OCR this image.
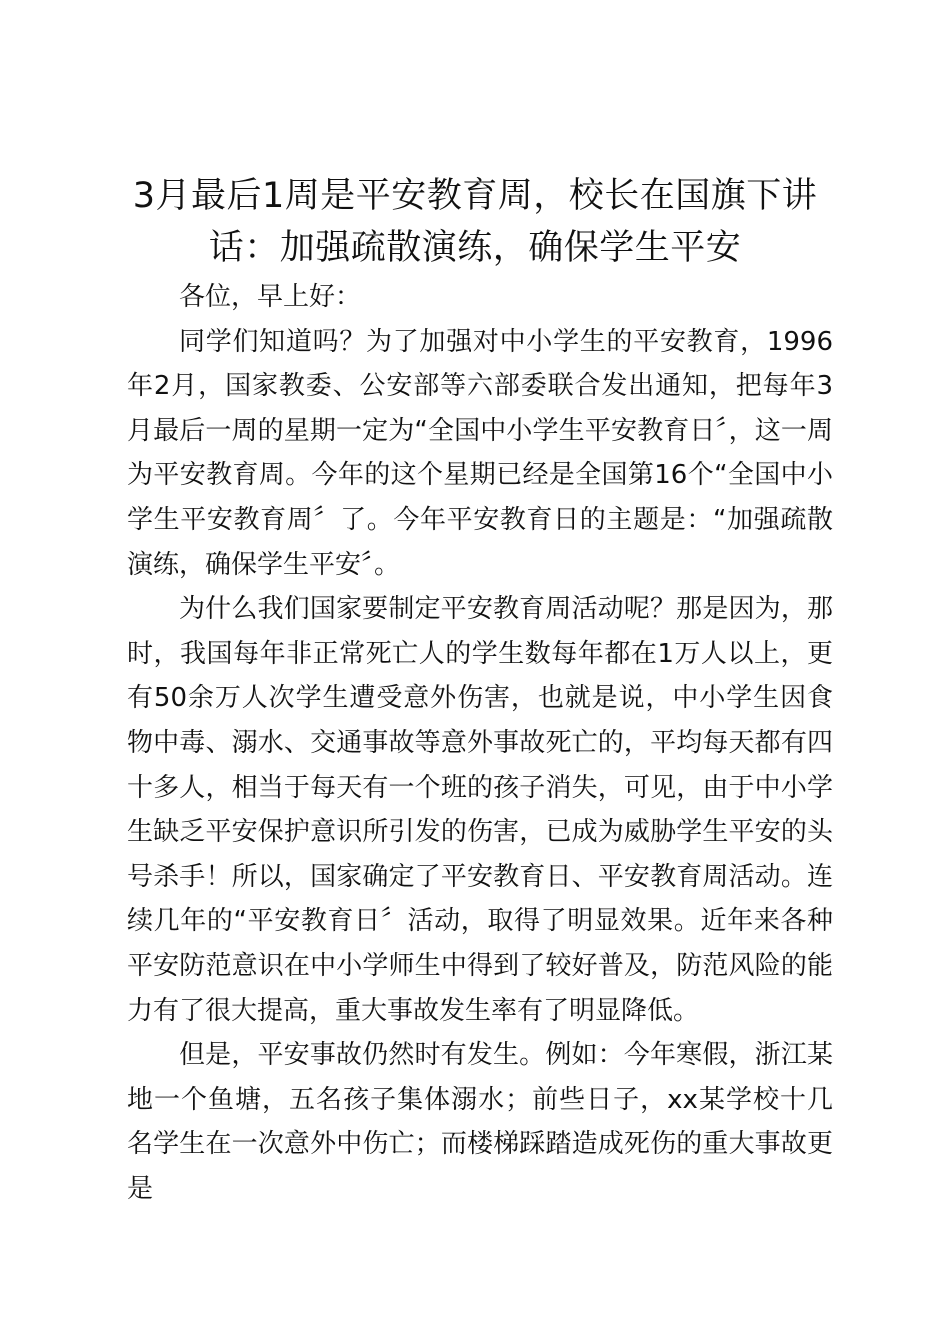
3月最后1周是平安教育周，校长在国旗下讲话：加强疏散演练，确保学生平安

各位，早上好：

同学们知道吗？为了加强对中小学生的平安教育，1996年2月，国家教委、公安部等六部委联合发出通知，把每年3月最后一周的星期一定为“全国中小学生平安教育日〞，这一周为平安教育周。今年的这个星期已经是全国第16个“全国中小学生平安教育周〞了。今年平安教育日的主题是：“加强疏散演练，确保学生平安〞。

为什么我们国家要制定平安教育周活动呢？那是因为，那时，我国每年非正常死亡人的学生数每年都在1万人以上，更有50余万人次学生遭受意外伤害，也就是说，中小学生因食物中毒、溺水、交通事故等意外事故死亡的，平均每天都有四十多人，相当于每天有一个班的孩子消失，可见，由于中小学生缺乏平安保护意识所引发的伤害，已成为威胁学生平安的头号杀手！所以，国家确定了平安教育日、平安教育周活动。连续几年的“平安教育日〞活动，取得了明显效果。近年来各种平安防范意识在中小学师生中得到了较好普及，防范风险的能力有了很大提高，重大事故发生率有了明显降低。

但是，平安事故仍然时有发生。例如：今年寒假，浙江某地一个鱼塘，五名孩子集体溺水；前些日子，xx某学校十几名学生在一次意外中伤亡；而楼梯踩踏造成死伤的重大事故更是
